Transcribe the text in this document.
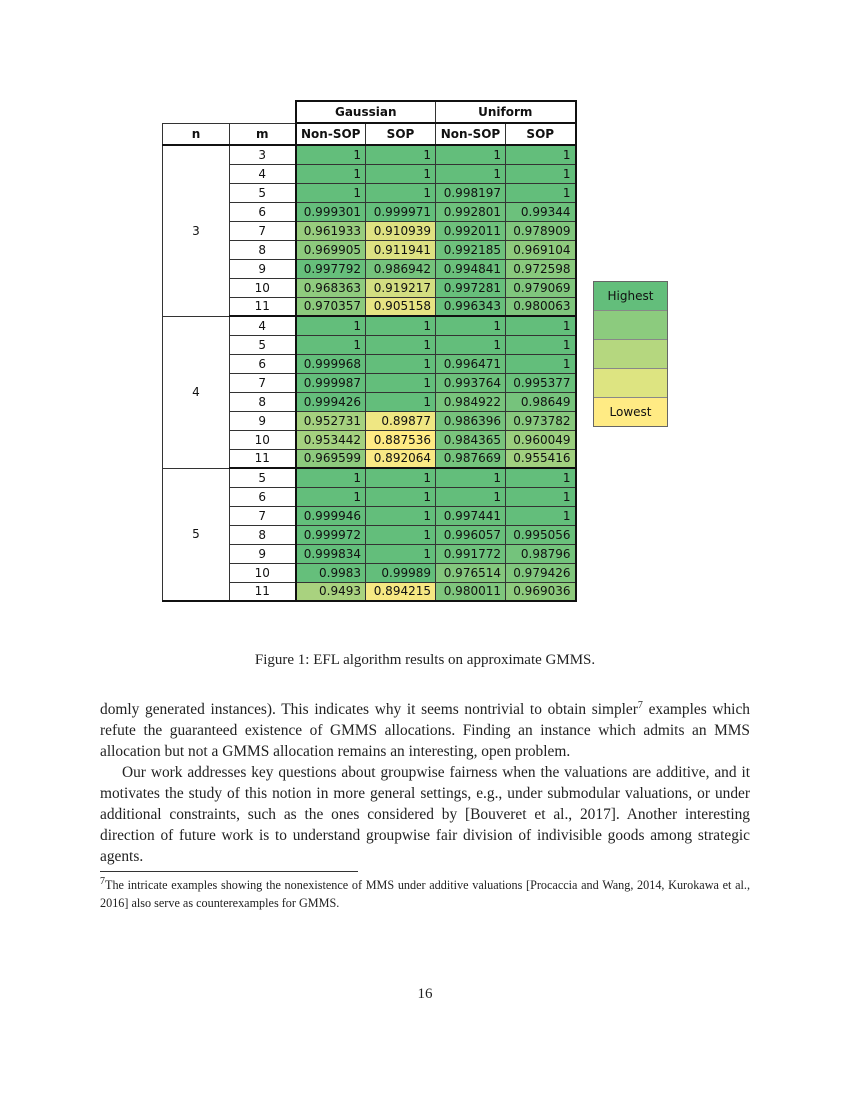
		Gaussian		Uniform	
n	m	Non-SOP	SOP	Non-SOP	SOP
3	3	1	1	1	1
	4	1	1	1	1
	5	1	1	0.998197	1
	6	0.999301	0.999971	0.992801	0.99344
	7	0.961933	0.910939	0.992011	0.978909
	8	0.969905	0.911941	0.992185	0.969104
	9	0.997792	0.986942	0.994841	0.972598
	10	0.968363	0.919217	0.997281	0.979069
	11	0.970357	0.905158	0.996343	0.980063
4	4	1	1	1	1
	5	1	1	1	1
	6	0.999968	1	0.996471	1
	7	0.999987	1	0.993764	0.995377
	8	0.999426	1	0.984922	0.98649
	9	0.952731	0.89877	0.986396	0.973782
	10	0.953442	0.887536	0.984365	0.960049
	11	0.969599	0.892064	0.987669	0.955416
5	5	1	1	1	1
	6	1	1	1	1
	7	0.999946	1	0.997441	1
	8	0.999972	1	0.996057	0.995056
	9	0.999834	1	0.991772	0.98796
	10	0.9983	0.99989	0.976514	0.979426
	11	0.9493	0.894215	0.980011	0.969036
Highest
Lowest
Figure 1: EFL algorithm results on approximate GMMS.
domly generated instances). This indicates why it seems nontrivial to obtain simpler$^7$ examples which refute the guaranteed existence of GMMS allocations. Finding an instance which admits an MMS allocation but not a GMMS allocation remains an interesting, open problem.
Our work addresses key questions about groupwise fairness when the valuations are additive, and it motivates the study of this notion in more general settings, e.g., under submodular valuations, or under additional constraints, such as the ones considered by [Bouveret et al., 2017]. Another interesting direction of future work is to understand groupwise fair division of indivisible goods among strategic agents.
$^7$The intricate examples showing the nonexistence of MMS under additive valuations [Procaccia and Wang, 2014, Kurokawa et al., 2016] also serve as counterexamples for GMMS.
16
